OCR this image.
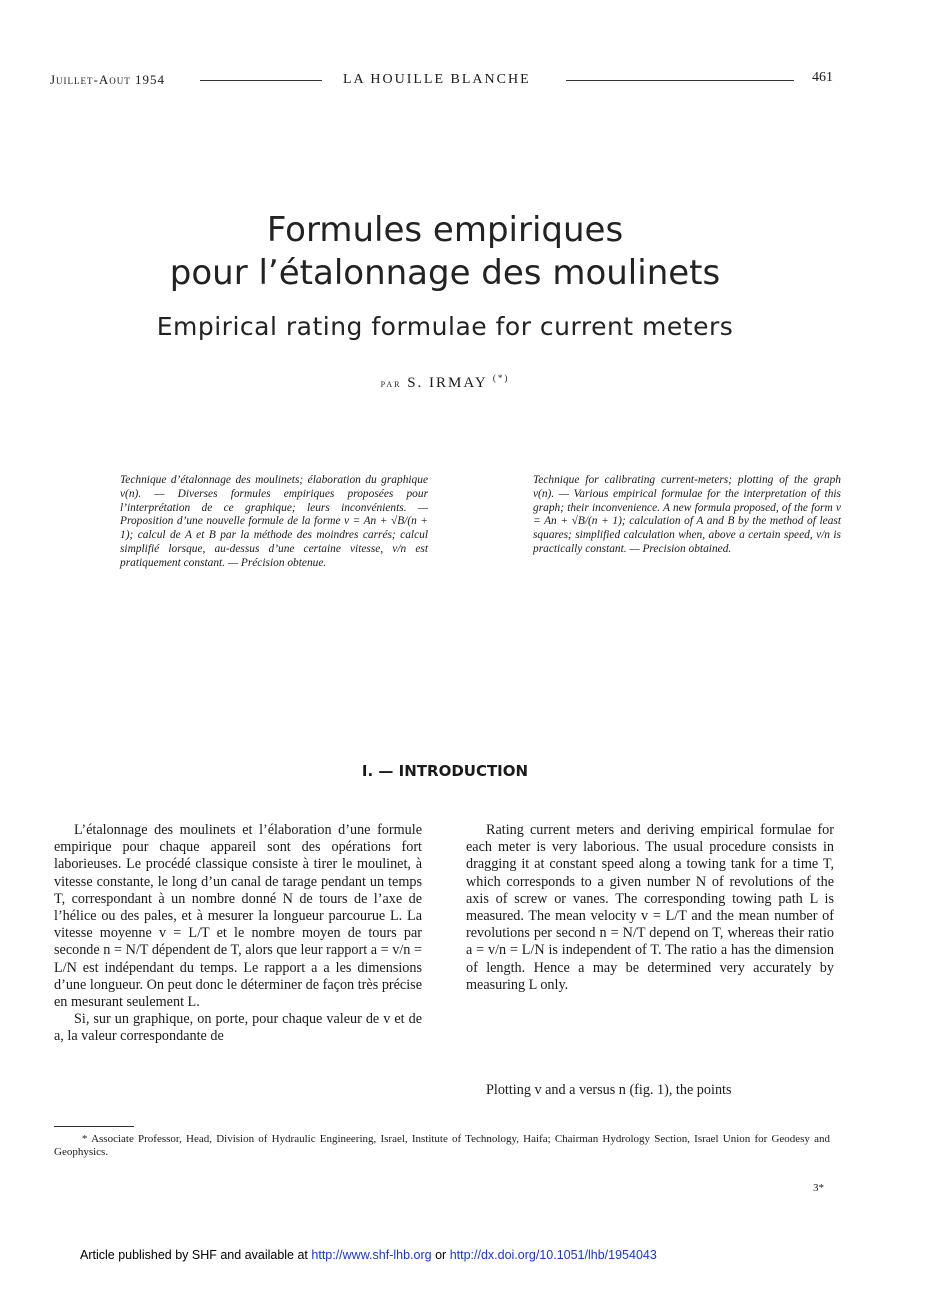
Juillet-Aout 1954	LA HOUILLE BLANCHE	461
Formules empiriques
pour l’étalonnage des moulinets
Empirical rating formulae for current meters
par S. IRMAY (*)
Technique d’étalonnage des moulinets; élaboration du graphique v(n). — Diverses formules empiriques proposées pour l’interprétation de ce graphique; leurs inconvénients. — Proposition d’une nouvelle formule de la forme v = An + √B/(n + 1); calcul de A et B par la méthode des moindres carrés; calcul simplifié lorsque, au-dessus d’une certaine vitesse, v/n est pratiquement constant. — Précision obtenue.
Technique for calibrating current-meters; plotting of the graph v(n). — Various empirical formulae for the interpretation of this graph; their inconvenience. A new formula proposed, of the form v = An + √B/(n + 1); calculation of A and B by the method of least squares; simplified calculation when, above a certain speed, v/n is practically constant. — Precision obtained.
I. — INTRODUCTION

L’étalonnage des moulinets et l’élaboration d’une formule empirique pour chaque appareil sont des opérations fort laborieuses. Le procédé classique consiste à tirer le moulinet, à vitesse constante, le long d’un canal de tarage pendant un temps T, correspondant à un nombre donné N de tours de l’axe de l’hélice ou des pales, et à mesurer la longueur parcourue L. La vitesse moyenne v = L/T et le nombre moyen de tours par seconde n = N/T dépendent de T, alors que leur rapport a = v/n = L/N est indépendant du temps. Le rapport a a les dimensions d’une longueur. On peut donc le déterminer de façon très précise en mesurant seulement L.

Si, sur un graphique, on porte, pour chaque valeur de v et de a, la valeur correspondante de

Rating current meters and deriving empirical formulae for each meter is very laborious. The usual procedure consists in dragging it at constant speed along a towing tank for a time T, which corresponds to a given number N of revolutions of the axis of screw or vanes. The corresponding towing path L is measured. The mean velocity v = L/T and the mean number of revolutions per second n = N/T depend on T, whereas their ratio a = v/n = L/N is independent of T. The ratio a has the dimension of length. Hence a may be determined very accurately by measuring L only.

Plotting v and a versus n (fig. 1), the points

* Associate Professor, Head, Division of Hydraulic Engineering, Israel, Institute of Technology, Haifa; Chairman Hydrology Section, Israel Union for Geodesy and Geophysics.
3*
Article published by SHF and available at http://www.shf-lhb.org or http://dx.doi.org/10.1051/lhb/1954043
